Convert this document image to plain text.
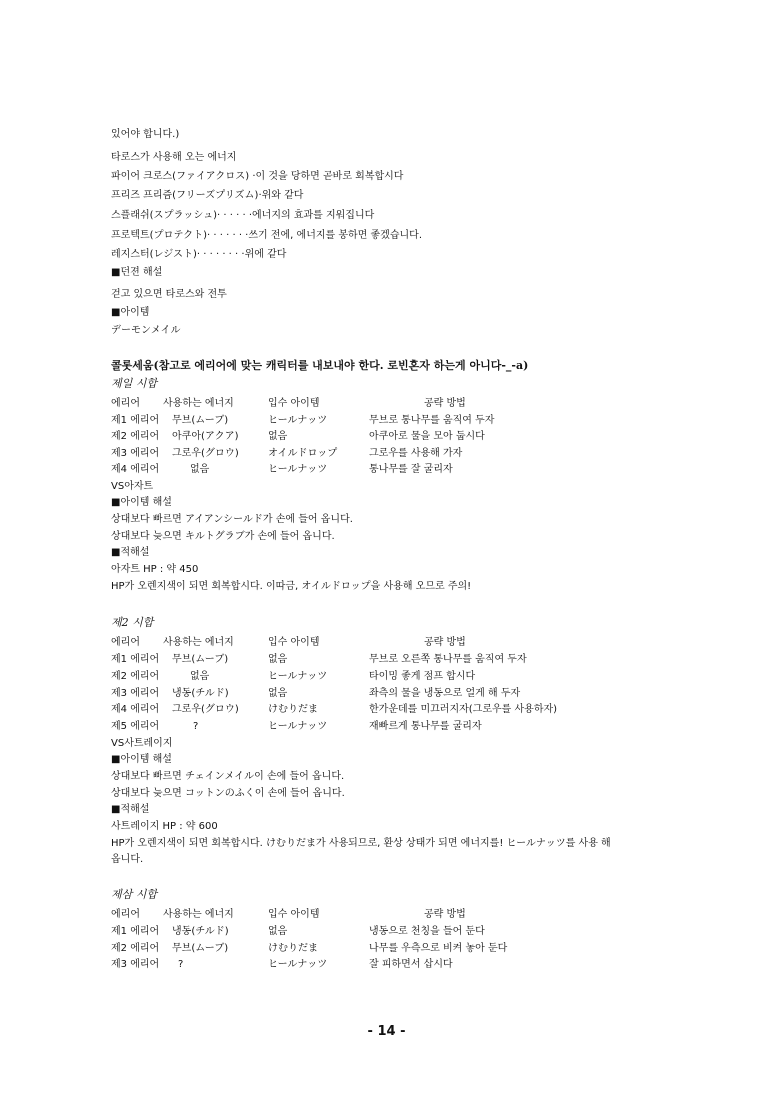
있어야 합니다.)
타로스가 사용해 오는 에너지
파이어 크로스(ファイアクロス) ·이 것을 당하면 곧바로 회복합시다
프리즈 프리즘(フリーズプリズム)·위와 같다
스플래쉬(スプラッシュ)· · · · · ·에너지의 효과를 지워집니다
프로텍트(プロテクト)· · · · · · ·쓰기 전에, 에너지를 봉하면 좋겠습니다.
레지스터(レジスト)· · · · · · · ·위에 같다
■던젼 해설
걷고 있으면 타로스와 전투
■아이템
デーモンメイル
콜롯세움(참고로 에리어에 맞는 캐릭터를 내보내야 한다. 로빈혼자 하는게 아니다-_-a)
제일 시합
에리어 사용하는 에너지	입수 아이템	공략 방법
제1 에리어 무브(ムーブ)	ヒールナッツ	무브로 통나무를 움직여 두자
제2 에리어 아쿠아(アクア)	없음	아쿠아로 물을 모아 둡시다
제3 에리어 그로우(グロウ)	オイルドロップ	그로우를 사용해 가자
제4 에리어	없음	ヒールナッツ	통나무를 잘 굴리자
VS아자트
■아이템 해설
상대보다 빠르면 アイアンシールド가 손에 들어 옵니다.
상대보다 늦으면 キルトグラブ가 손에 들어 옵니다.
■적해설
아자트 HP : 약 450
HP가 오렌지색이 되면 회복합시다. 이따금, オイルドロップ을 사용해 오므로 주의!
제2 시합
에리어 사용하는 에너지	입수 아이템	공략 방법
제1 에리어 무브(ムーブ)	없음	무브로 오른쪽 통나무를 움직여 두자
제2 에리어	없음	ヒールナッツ	타이밍 좋게 점프 합시다
제3 에리어 냉동(チルド)	없음	좌측의 물을 냉동으로 얼게 해 두자
제4 에리어 그로우(グロウ)	けむりだま	한가운데를 미끄러지자(그로우를 사용하자)
제5 에리어	?	ヒールナッツ	재빠르게 통나무를 굴리자
VS사트레이지
■아이템 해설
상대보다 빠르면 チェインメイル이 손에 들어 옵니다.
상대보다 늦으면 コットンのふく이 손에 들어 옵니다.
■적해설
사트레이지 HP : 약 600
HP가 오렌지색이 되면 회복합시다. けむりだま가 사용되므로, 환상 상태가 되면 에너지를! ヒールナッツ를 사용 해
옵니다.
제삼 시합
에리어 사용하는 에너지	입수 아이템	공략 방법
제1 에리어 냉동(チルド)	없음	냉동으로 천칭을 들어 둔다
제2 에리어 무브(ムーブ)	けむりだま	나무를 우측으로 비켜 놓아 둔다
제3 에리어 ?	ヒールナッツ	잘 피하면서 삽시다
- 14 -
